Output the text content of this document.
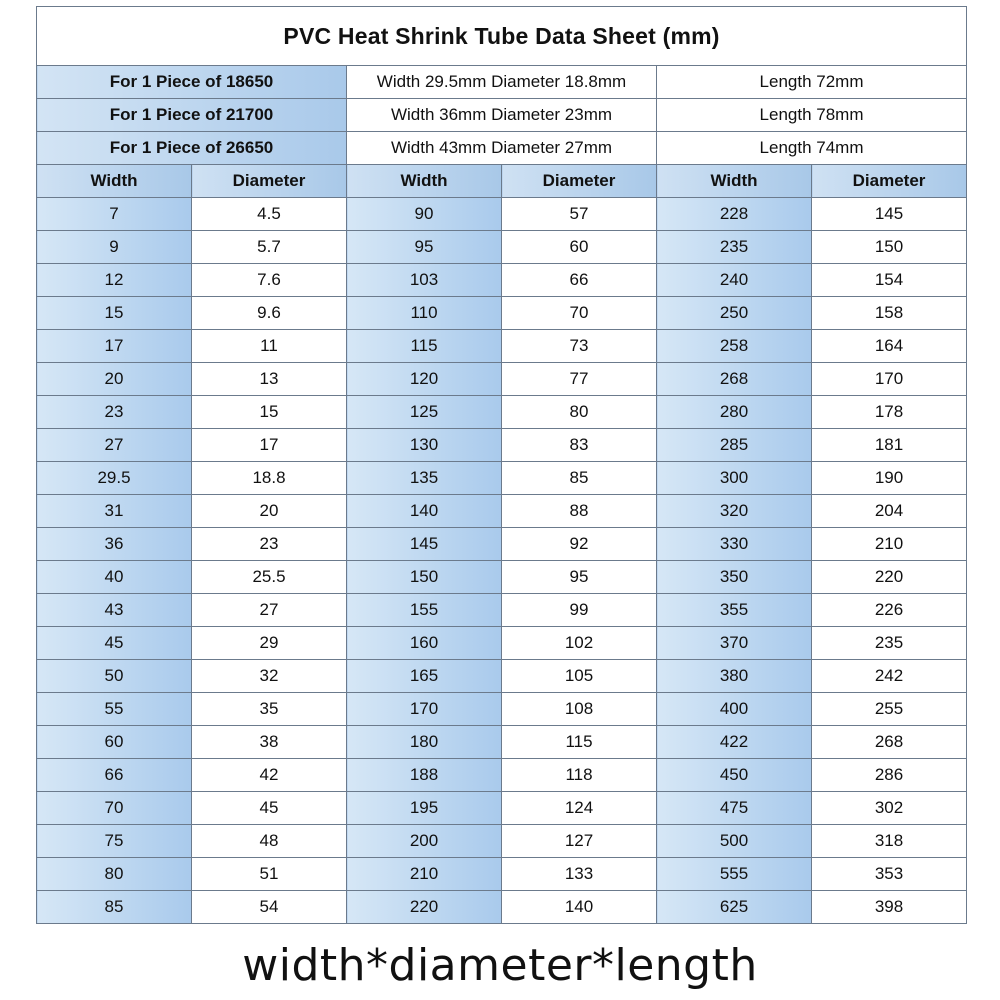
PVC Heat Shrink Tube Data Sheet (mm)					
For 1 Piece of 18650		Width 29.5mm Diameter 18.8mm		Length 72mm	
For 1 Piece of 21700		Width 36mm Diameter 23mm		Length 78mm	
For 1 Piece of 26650		Width 43mm Diameter 27mm		Length 74mm	
Width	Diameter	Width	Diameter	Width	Diameter
7	4.5	90	57	228	145
9	5.7	95	60	235	150
12	7.6	103	66	240	154
15	9.6	110	70	250	158
17	11	115	73	258	164
20	13	120	77	268	170
23	15	125	80	280	178
27	17	130	83	285	181
29.5	18.8	135	85	300	190
31	20	140	88	320	204
36	23	145	92	330	210
40	25.5	150	95	350	220
43	27	155	99	355	226
45	29	160	102	370	235
50	32	165	105	380	242
55	35	170	108	400	255
60	38	180	115	422	268
66	42	188	118	450	286
70	45	195	124	475	302
75	48	200	127	500	318
80	51	210	133	555	353
85	54	220	140	625	398
width*diameter*length
